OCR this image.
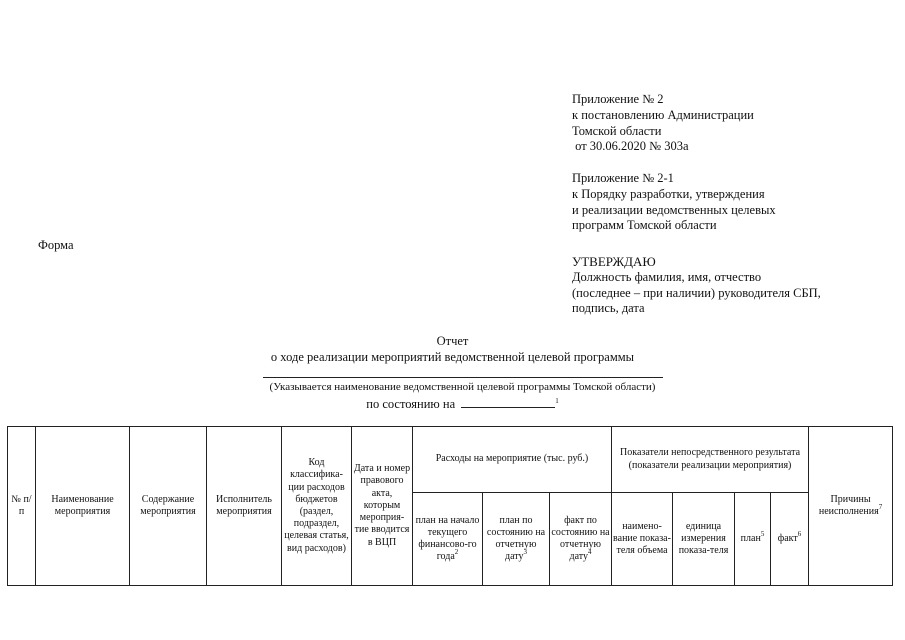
Приложение № 2
к постановлению Администрации
Томской области
от 30.06.2020 № 303а

Приложение № 2-1
к Порядку разработки, утверждения
и реализации ведомственных целевых
программ Томской области
УТВЕРЖДАЮ
Должность фамилия, имя, отчество
(последнее – при наличии) руководителя СБП,
подпись, дата
Форма
Отчет
о ходе реализации мероприятий ведомственной целевой программы
(Указывается наименование ведомственной целевой программы Томской области)
по состоянию на	$^1$
№ п/п	Наименование мероприятия	Содержание мероприятия	Исполнитель мероприятия	Код классифика-ции расходов бюджетов (раздел, подраздел, целевая статья, вид расходов)	Дата и номер правового акта, которым мероприя-тие вводится в ВЦП	Расходы на мероприятие (тыс. руб.)			Показатели непосредственного результата (показатели реализации мероприятия)				Причины неисполнения$^7$
						план на начало текущего финансово-го года$^2$	план по состоянию на отчетную дату$^3$	факт по состоянию на отчетную дату$^4$	наимено-вание показа-теля объема	единица измерения показа-теля	план$^5$	факт$^6$
